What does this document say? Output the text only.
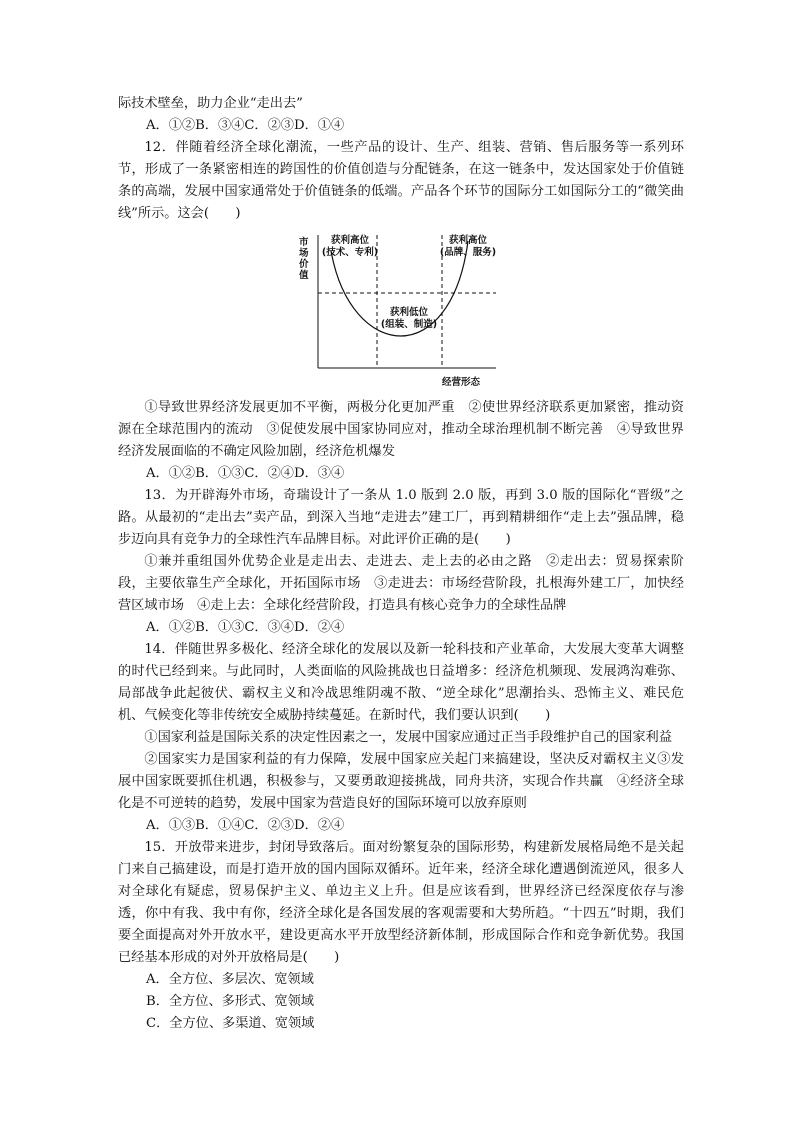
际技术壁垒，助力企业“走出去”

A．①②B．③④C．②③D．①④

12．伴随着经济全球化潮流，一些产品的设计、生产、组装、营销、售后服务等一系列环节，形成了一条紧密相连的跨国性的价值创造与分配链条，在这一链条中，发达国家处于价值链条的高端，发展中国家通常处于价值链条的低端。产品各个环节的国际分工如国际分工的“微笑曲线”所示。这会(　　)

市
场
价
值
获利高位
(技术、专利)
获利高位
(品牌、服务)
获利低位
(组装、制造)
经营形态

①导致世界经济发展更加不平衡，两极分化更加严重　②使世界经济联系更加紧密，推动资源在全球范围内的流动　③促使发展中国家协同应对，推动全球治理机制不断完善　④导致世界经济发展面临的不确定风险加剧，经济危机爆发

A．①②B．①③C．②④D．③④

13．为开辟海外市场，奇瑞设计了一条从 1.0 版到 2.0 版，再到 3.0 版的国际化“晋级”之路。从最初的“走出去”卖产品，到深入当地“走进去”建工厂，再到精耕细作“走上去”强品牌，稳步迈向具有竞争力的全球性汽车品牌目标。对此评价正确的是(　　)

①兼并重组国外优势企业是走出去、走进去、走上去的必由之路　②走出去：贸易探索阶段，主要依靠生产全球化，开拓国际市场　③走进去：市场经营阶段，扎根海外建工厂，加快经营区域市场　④走上去：全球化经营阶段，打造具有核心竞争力的全球性品牌

A．①②B．①③C．③④D．②④

14．伴随世界多极化、经济全球化的发展以及新一轮科技和产业革命，大发展大变革大调整的时代已经到来。与此同时，人类面临的风险挑战也日益增多：经济危机频现、发展鸿沟难弥、局部战争此起彼伏、霸权主义和冷战思维阴魂不散、“逆全球化”思潮抬头、恐怖主义、难民危机、气候变化等非传统安全威胁持续蔓延。在新时代，我们要认识到(　　)

①国家利益是国际关系的决定性因素之一，发展中国家应通过正当手段维护自己的国家利益

②国家实力是国家利益的有力保障，发展中国家应关起门来搞建设，坚决反对霸权主义③发展中国家既要抓住机遇，积极参与，又要勇敢迎接挑战，同舟共济，实现合作共赢　④经济全球化是不可逆转的趋势，发展中国家为营造良好的国际环境可以放弃原则

A．①③B．①④C．②③D．②④

15．开放带来进步，封闭导致落后。面对纷繁复杂的国际形势，构建新发展格局绝不是关起门来自己搞建设，而是打造开放的国内国际双循环。近年来，经济全球化遭遇倒流逆风，很多人对全球化有疑虑，贸易保护主义、单边主义上升。但是应该看到，世界经济已经深度依存与渗透，你中有我、我中有你，经济全球化是各国发展的客观需要和大势所趋。“十四五”时期，我们要全面提高对外开放水平，建设更高水平开放型经济新体制，形成国际合作和竞争新优势。我国已经基本形成的对外开放格局是(　　)

A．全方位、多层次、宽领域

B．全方位、多形式、宽领域

C．全方位、多渠道、宽领域
